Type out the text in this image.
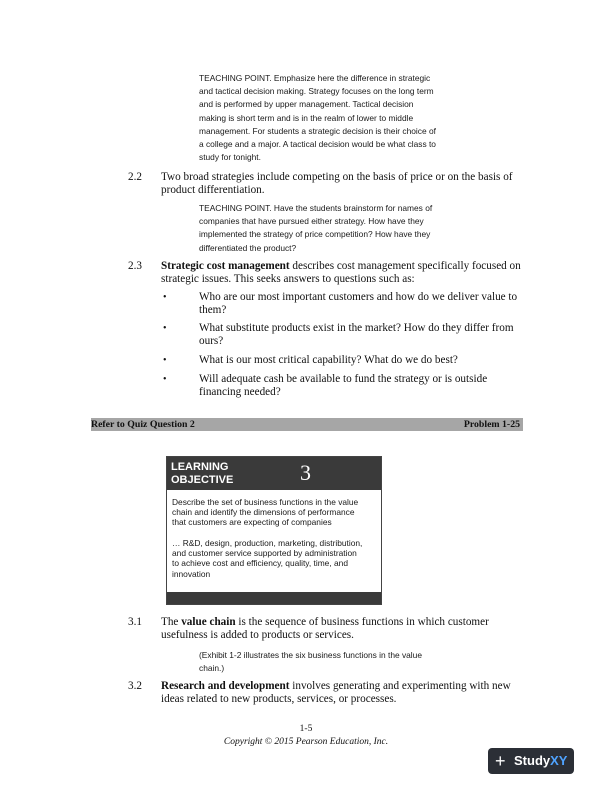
TEACHING POINT. Emphasize here the difference in strategic
and tactical decision making. Strategy focuses on the long term
and is performed by upper management. Tactical decision
making is short term and is in the realm of lower to middle
management. For students a strategic decision is their choice of
a college and a major. A tactical decision would be what class to
study for tonight.
2.2 Two broad strategies include competing on the basis of price or on the basis of
product differentiation.
TEACHING POINT. Have the students brainstorm for names of
companies that have pursued either strategy. How have they
implemented the strategy of price competition? How have they
differentiated the product?
2.3 Strategic cost management describes cost management specifically focused on
strategic issues. This seeks answers to questions such as:
•	Who are our most important customers and how do we deliver value to
them?
•	What substitute products exist in the market? How do they differ from
ours?
•	What is our most critical capability? What do we do best?
•	Will adequate cash be available to fund the strategy or is outside
financing needed?
Refer to Quiz Question 2	Problem 1-25
LEARNING
OBJECTIVE	3
Describe the set of business functions in the value
chain and identify the dimensions of performance
that customers are expecting of companies
… R&D, design, production, marketing, distribution,
and customer service supported by administration
to achieve cost and efficiency, quality, time, and
innovation
3.1 The value chain is the sequence of business functions in which customer
usefulness is added to products or services.
(Exhibit 1-2 illustrates the six business functions in the value
chain.)
3.2 Research and development involves generating and experimenting with new
ideas related to new products, services, or processes.
1-5
Copyright © 2015 Pearson Education, Inc.
+ StudyXY
